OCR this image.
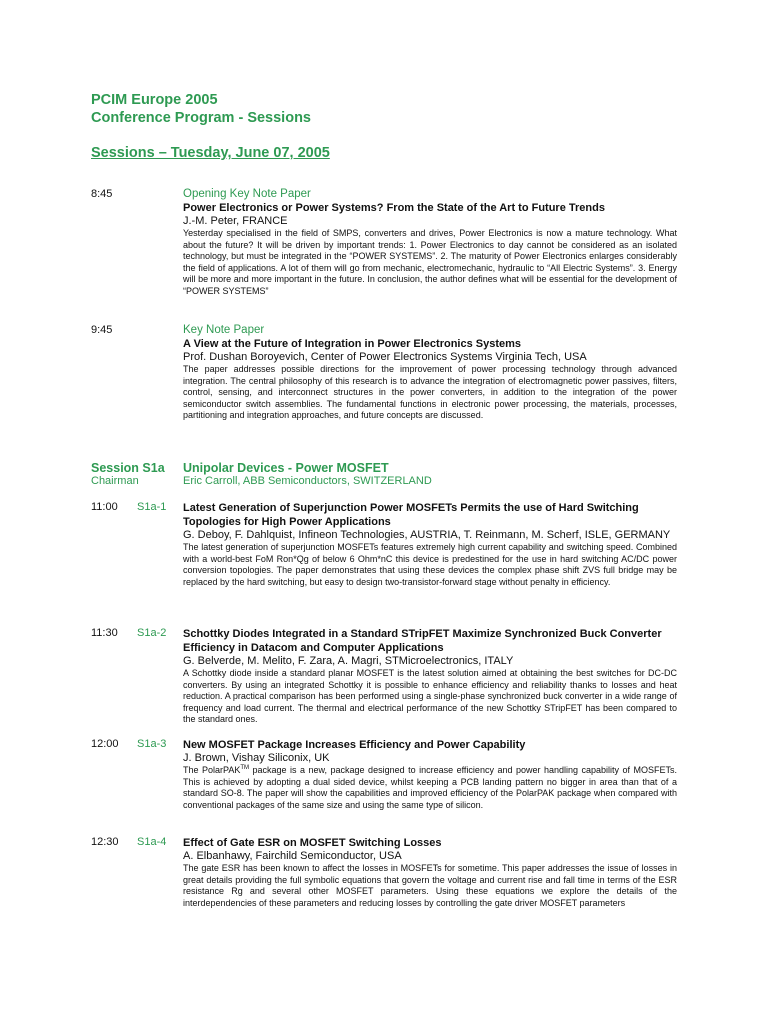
PCIM Europe 2005
Conference Program - Sessions
Sessions – Tuesday, June 07, 2005
8:45	Opening Key Note Paper
Power Electronics or Power Systems? From the State of the Art to Future Trends
J.-M. Peter, FRANCE
Yesterday specialised in the field of SMPS, converters and drives, Power Electronics is now a mature technology. What about the future? It will be driven by important trends: 1. Power Electronics to day cannot be considered as an isolated technology, but must be integrated in the “POWER SYSTEMS”. 2. The maturity of Power Electronics enlarges considerably the field of applications. A lot of them will go from mechanic, electromechanic, hydraulic to “All Electric Systems”. 3. Energy will be more and more important in the future. In conclusion, the author defines what will be essential for the development of “POWER SYSTEMS”
9:45	Key Note Paper
A View at the Future of Integration in Power Electronics Systems
Prof. Dushan Boroyevich, Center of Power Electronics Systems Virginia Tech, USA
The paper addresses possible directions for the improvement of power processing technology through advanced integration. The central philosophy of this research is to advance the integration of electromagnetic power passives, filters, control, sensing, and interconnect structures in the power converters, in addition to the integration of the power semiconductor switch assemblies. The fundamental functions in electronic power processing, the materials, processes, partitioning and integration approaches, and future concepts are discussed.
Session S1a
Chairman
Unipolar Devices - Power MOSFET
Eric Carroll, ABB Semiconductors, SWITZERLAND
11:00 S1a-1 Latest Generation of Superjunction Power MOSFETs Permits the use of Hard Switching Topologies for High Power Applications
G. Deboy, F. Dahlquist, Infineon Technologies, AUSTRIA, T. Reinmann, M. Scherf, ISLE, GERMANY
The latest generation of superjunction MOSFETs features extremely high current capability and switching speed. Combined with a world-best FoM Ron*Qg of below 6 Ohm*nC this device is predestined for the use in hard switching AC/DC power conversion topologies. The paper demonstrates that using these devices the complex phase shift ZVS full bridge may be replaced by the hard switching, but easy to design two-transistor-forward stage without penalty in efficiency.
11:30 S1a-2 Schottky Diodes Integrated in a Standard STripFET Maximize Synchronized Buck Converter Efficiency in Datacom and Computer Applications
G. Belverde, M. Melito, F. Zara, A. Magri, STMicroelectronics, ITALY
A Schottky diode inside a standard planar MOSFET is the latest solution aimed at obtaining the best switches for DC-DC converters. By using an integrated Schottky it is possible to enhance efficiency and reliability thanks to losses and heat reduction. A practical comparison has been performed using a single-phase synchronized buck converter in a wide range of frequency and load current. The thermal and electrical performance of the new Schottky STripFET has been compared to the standard ones.
12:00 S1a-3 New MOSFET Package Increases Efficiency and Power Capability
J. Brown, Vishay Siliconix, UK
The PolarPAK™ package is a new, package designed to increase efficiency and power handling capability of MOSFETs. This is achieved by adopting a dual sided device, whilst keeping a PCB landing pattern no bigger in area than that of a standard SO-8. The paper will show the capabilities and improved efficiency of the PolarPAK package when compared with conventional packages of the same size and using the same type of silicon.
12:30 S1a-4 Effect of Gate ESR on MOSFET Switching Losses
A. Elbanhawy, Fairchild Semiconductor, USA
The gate ESR has been known to affect the losses in MOSFETs for sometime. This paper addresses the issue of losses in great details providing the full symbolic equations that govern the voltage and current rise and fall time in terms of the ESR resistance Rg and several other MOSFET parameters. Using these equations we explore the details of the interdependencies of these parameters and reducing losses by controlling the gate driver MOSFET parameters
